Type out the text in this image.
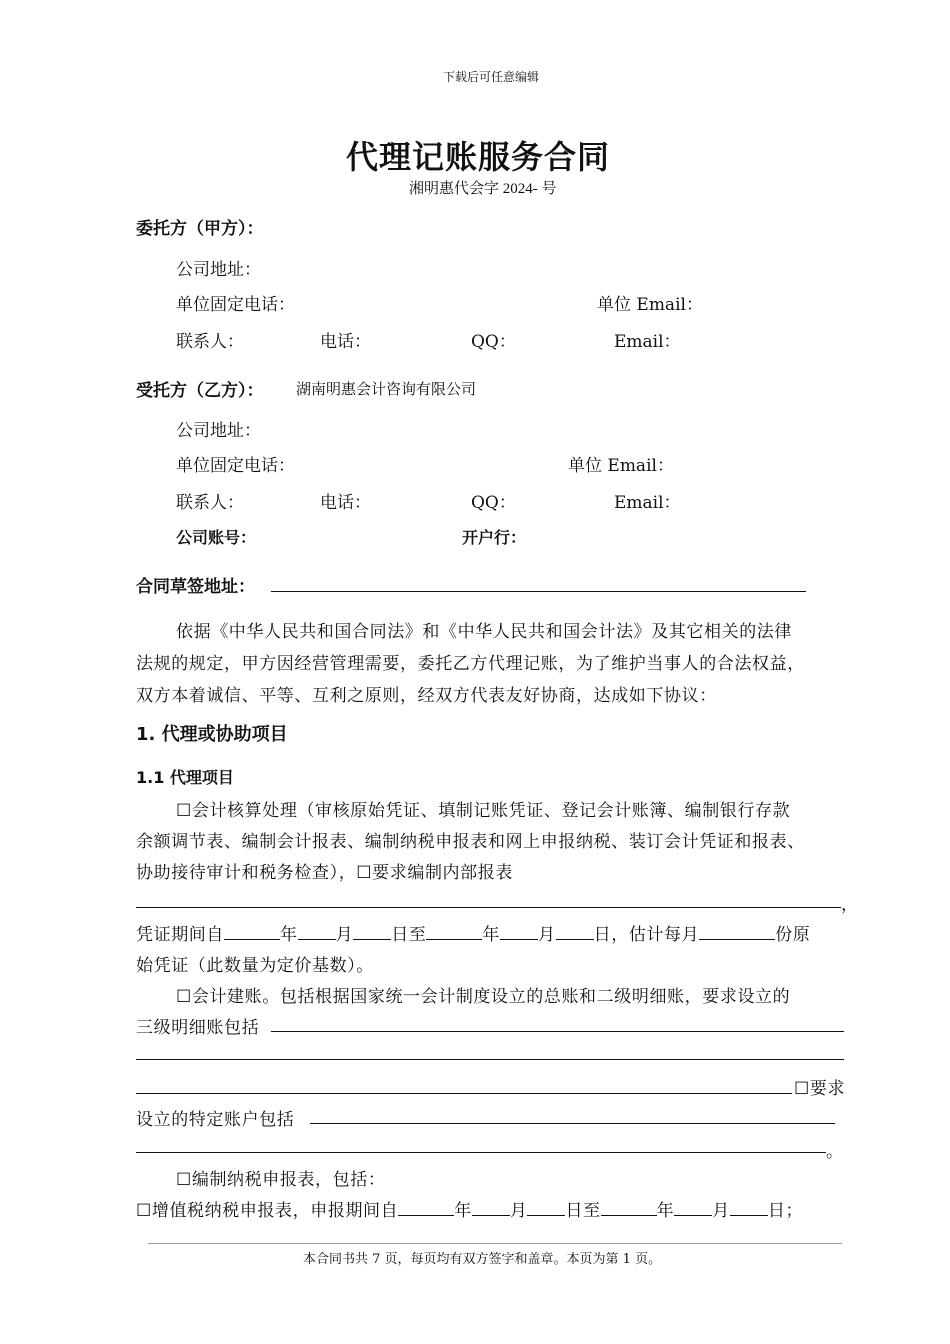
下载后可任意编辑
代理记账服务合同
湘明惠代会字 2024- 号
委托方（甲方）：
公司地址：
单位固定电话：	单位 Email：
联系人：	电话：	QQ：	Email：
受托方（乙方）： 湖南明惠会计咨询有限公司
公司地址：
单位固定电话：	单位 Email：
联系人：	电话：	QQ：	Email：
公司账号：	开户行：
合同草签地址：
依据《中华人民共和国合同法》和《中华人民共和国会计法》及其它相关的法律
法规的规定，甲方因经营管理需要，委托乙方代理记账，为了维护当事人的合法权益，
双方本着诚信、平等、互利之原则，经双方代表友好协商，达成如下协议：
1. 代理或协助项目
1.1 代理项目
☐会计核算处理（审核原始凭证、填制记账凭证、登记会计账簿、编制银行存款
余额调节表、编制会计报表、编制纳税申报表和网上申报纳税、装订会计凭证和报表、
协助接待审计和税务检查），☐要求编制内部报表
，
凭证期间自	年 月 日至	年 月 日，估计每月	份原
始凭证（此数量为定价基数）。
☐会计建账。包括根据国家统一会计制度设立的总账和二级明细账，要求设立的
三级明细账包括
☐要求
设立的特定账户包括
。
☐编制纳税申报表，包括：
☐增值税纳税申报表，申报期间自	年 月 日至	年 月 日；
本合同书共 7 页，每页均有双方签字和盖章。本页为第 1 页。
